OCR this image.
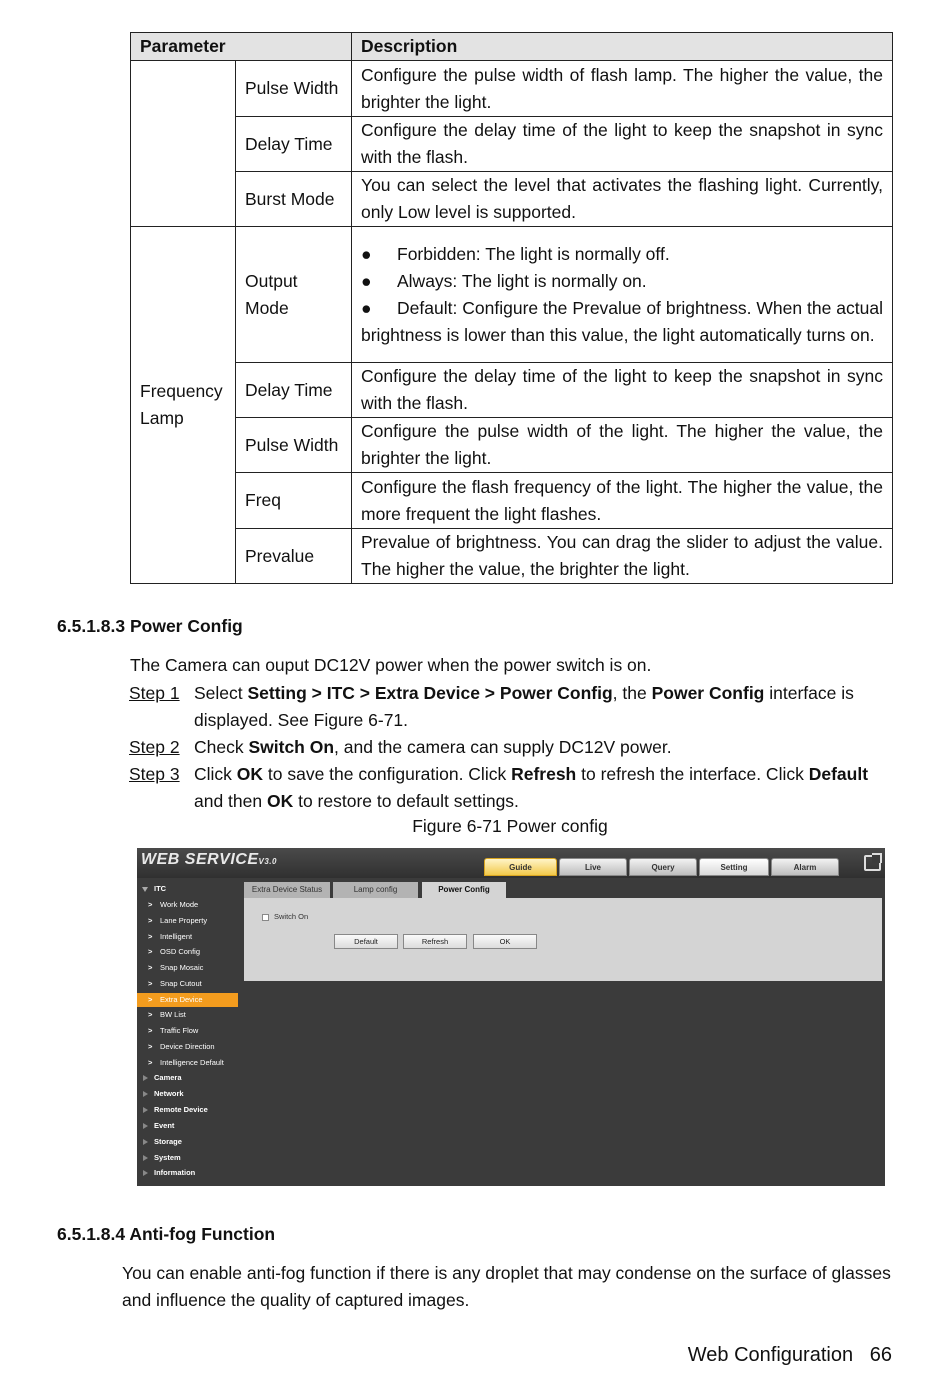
Parameter		Description
	Pulse Width	Configure the pulse width of flash lamp. The higher the value, the brighter the light.
	Delay Time	Configure the delay time of the light to keep the snapshot in sync with the flash.
	Burst Mode	You can select the level that activates the flashing light. Currently, only Low level is supported.
Frequency Lamp	Output Mode	● Forbidden: The light is normally off.
● Always: The light is normally on.
● Default: Configure the Prevalue of brightness. When the actual brightness is lower than this value, the light automatically turns on.

	Delay Time	Configure the delay time of the light to keep the snapshot in sync with the flash.
	Pulse Width	Configure the pulse width of the light. The higher the value, the brighter the light.
	Freq	Configure the flash frequency of the light. The higher the value, the more frequent the light flashes.
	Prevalue	Prevalue of brightness. You can drag the slider to adjust the value. The higher the value, the brighter the light.
6.5.1.8.3 Power Config
The Camera can ouput DC12V power when the power switch is on.
Step 1 Select Setting > ITC > Extra Device > Power Config, the Power Config interface is displayed. See Figure 6-71.
Step 2 Check Switch On, and the camera can supply DC12V power.
Step 3 Click OK to save the configuration. Click Refresh to refresh the interface. Click Default and then OK to restore to default settings.
Figure 6-71 Power config
WEB SERVICEV3.0
Guide	Live	Query	Setting	Alarm
ITC
> Work Mode
> Lane Property
> Intelligent
> OSD Config
> Snap Mosaic
> Snap Cutout
> Extra Device
> BW List
> Traffic Flow
> Device Direction
> Intelligence Default
Camera
Network
Remote Device
Event
Storage
System
Information
Extra Device Status	Lamp config	Power Config
Switch On
Default	Refresh	OK
6.5.1.8.4 Anti-fog Function
You can enable anti-fog function if there is any droplet that may condense on the surface of glasses and influence the quality of captured images.
Web Configuration 66
